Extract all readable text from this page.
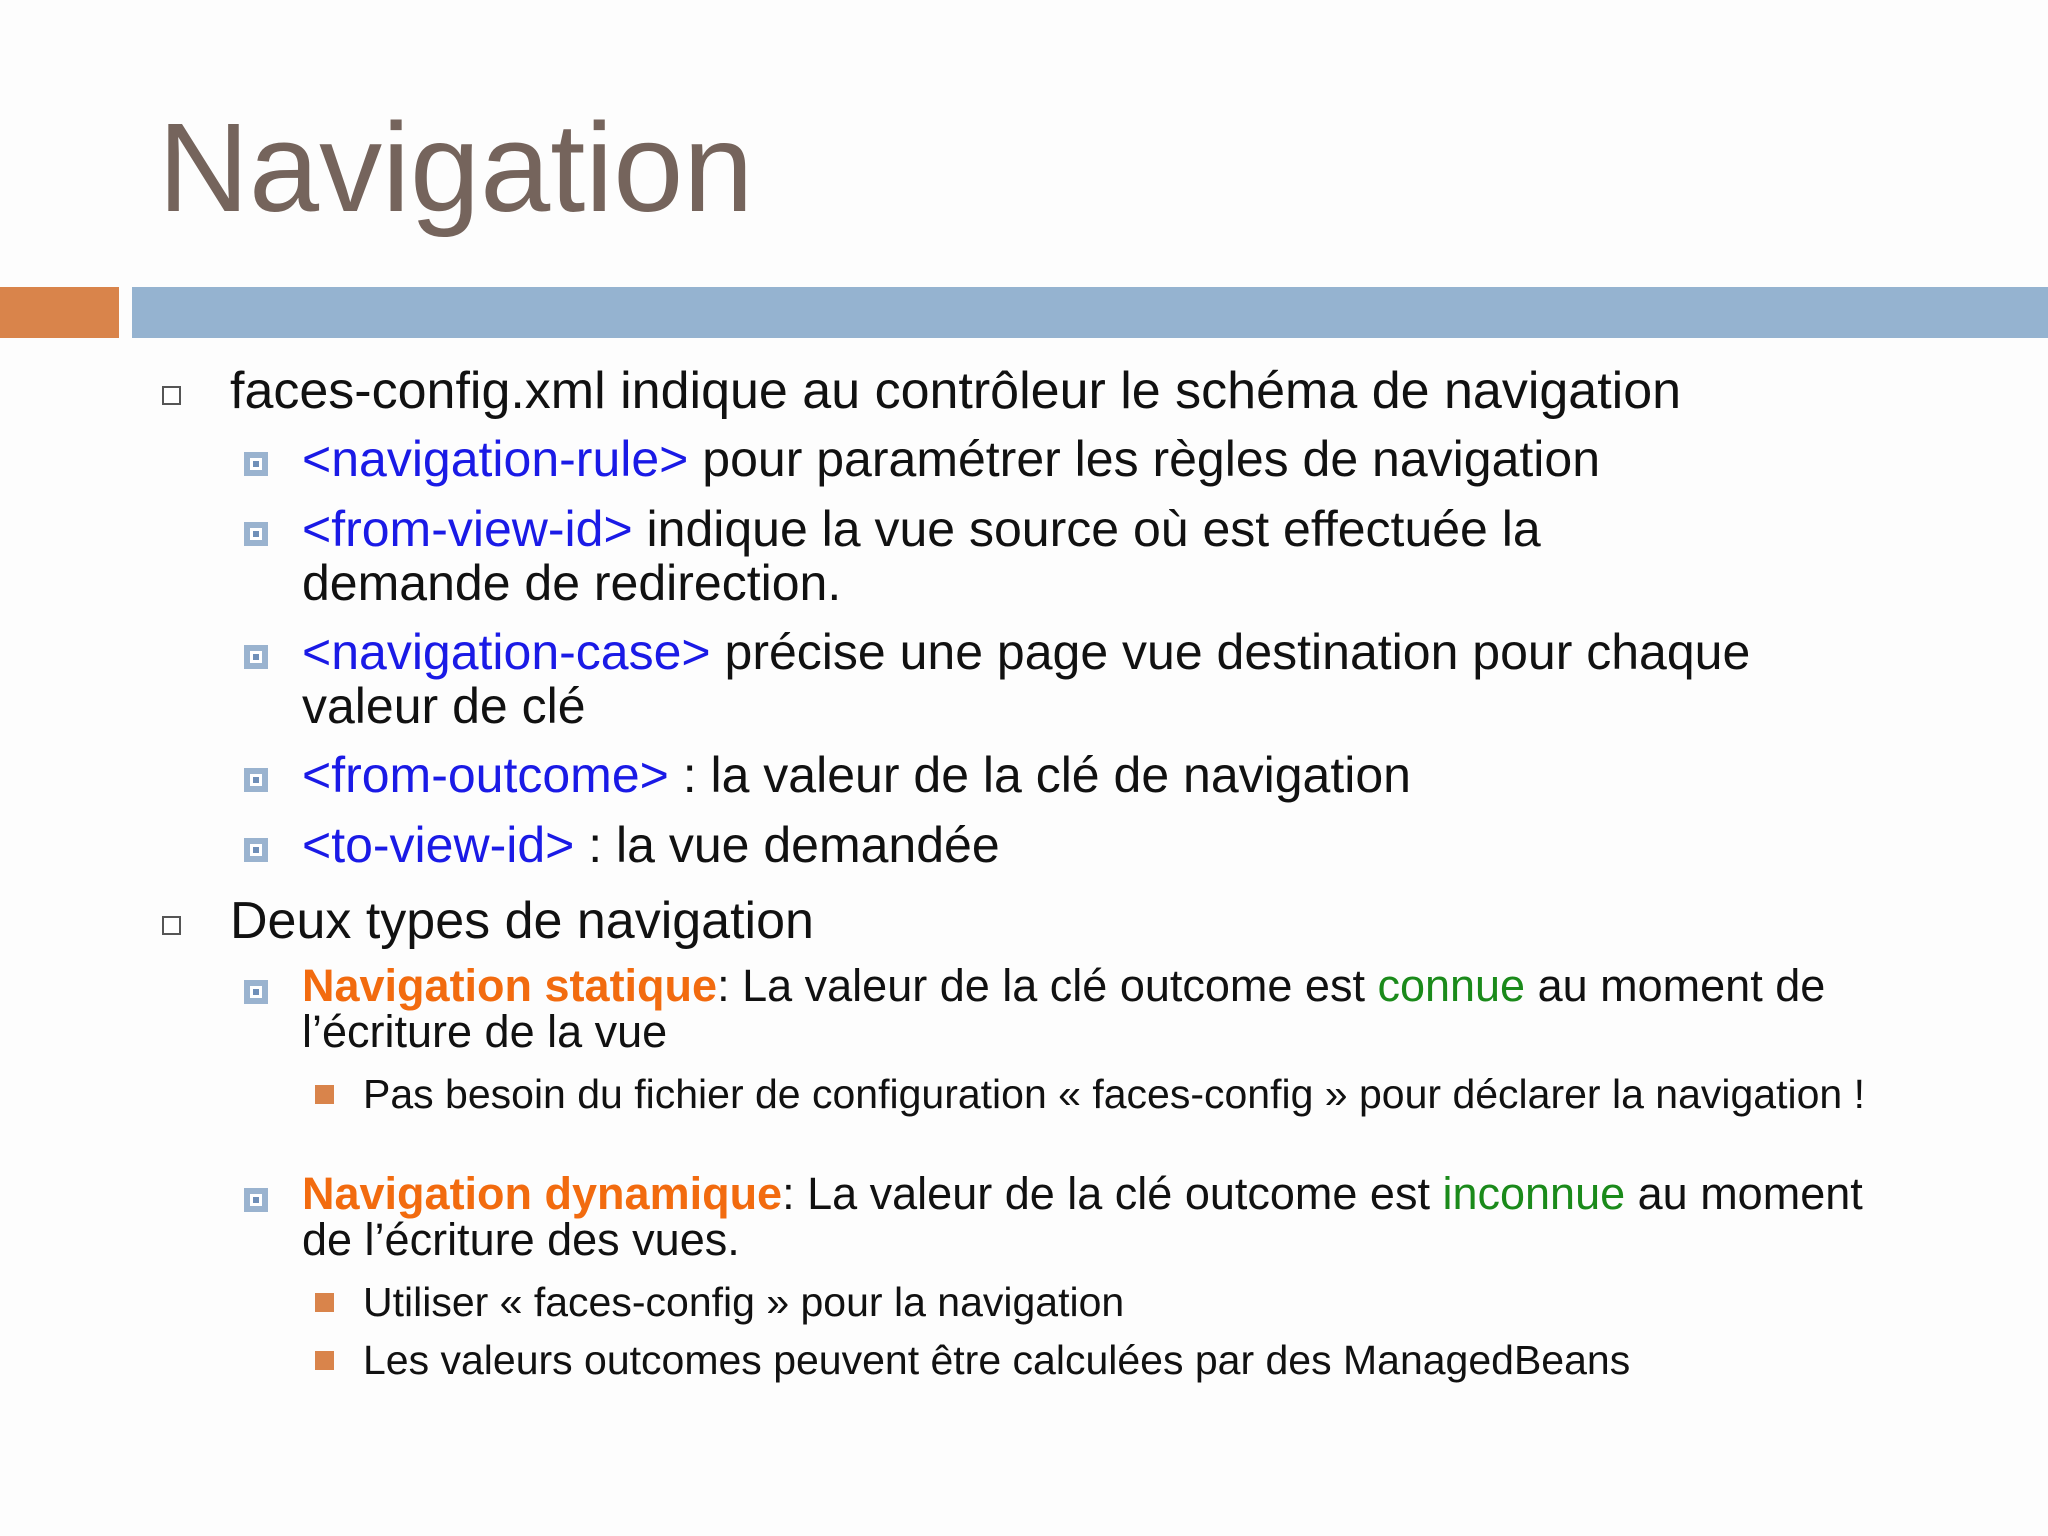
Navigation
faces-config.xml indique au contrôleur le schéma de navigation
<navigation-rule> pour paramétrer les règles de navigation
<from-view-id> indique la vue source où est effectuée la demande de redirection.
<navigation-case> précise une page vue destination pour chaque valeur de clé
<from-outcome> : la valeur de la clé de navigation
<to-view-id> : la vue demandée
Deux types de navigation
Navigation statique: La valeur de la clé outcome est connue au moment de l’écriture de la vue
Pas besoin du fichier de configuration « faces-config » pour déclarer la navigation !
Navigation dynamique: La valeur de la clé outcome est inconnue au moment de l’écriture des vues.
Utiliser « faces-config » pour la navigation
Les valeurs outcomes peuvent être calculées par des ManagedBeans
